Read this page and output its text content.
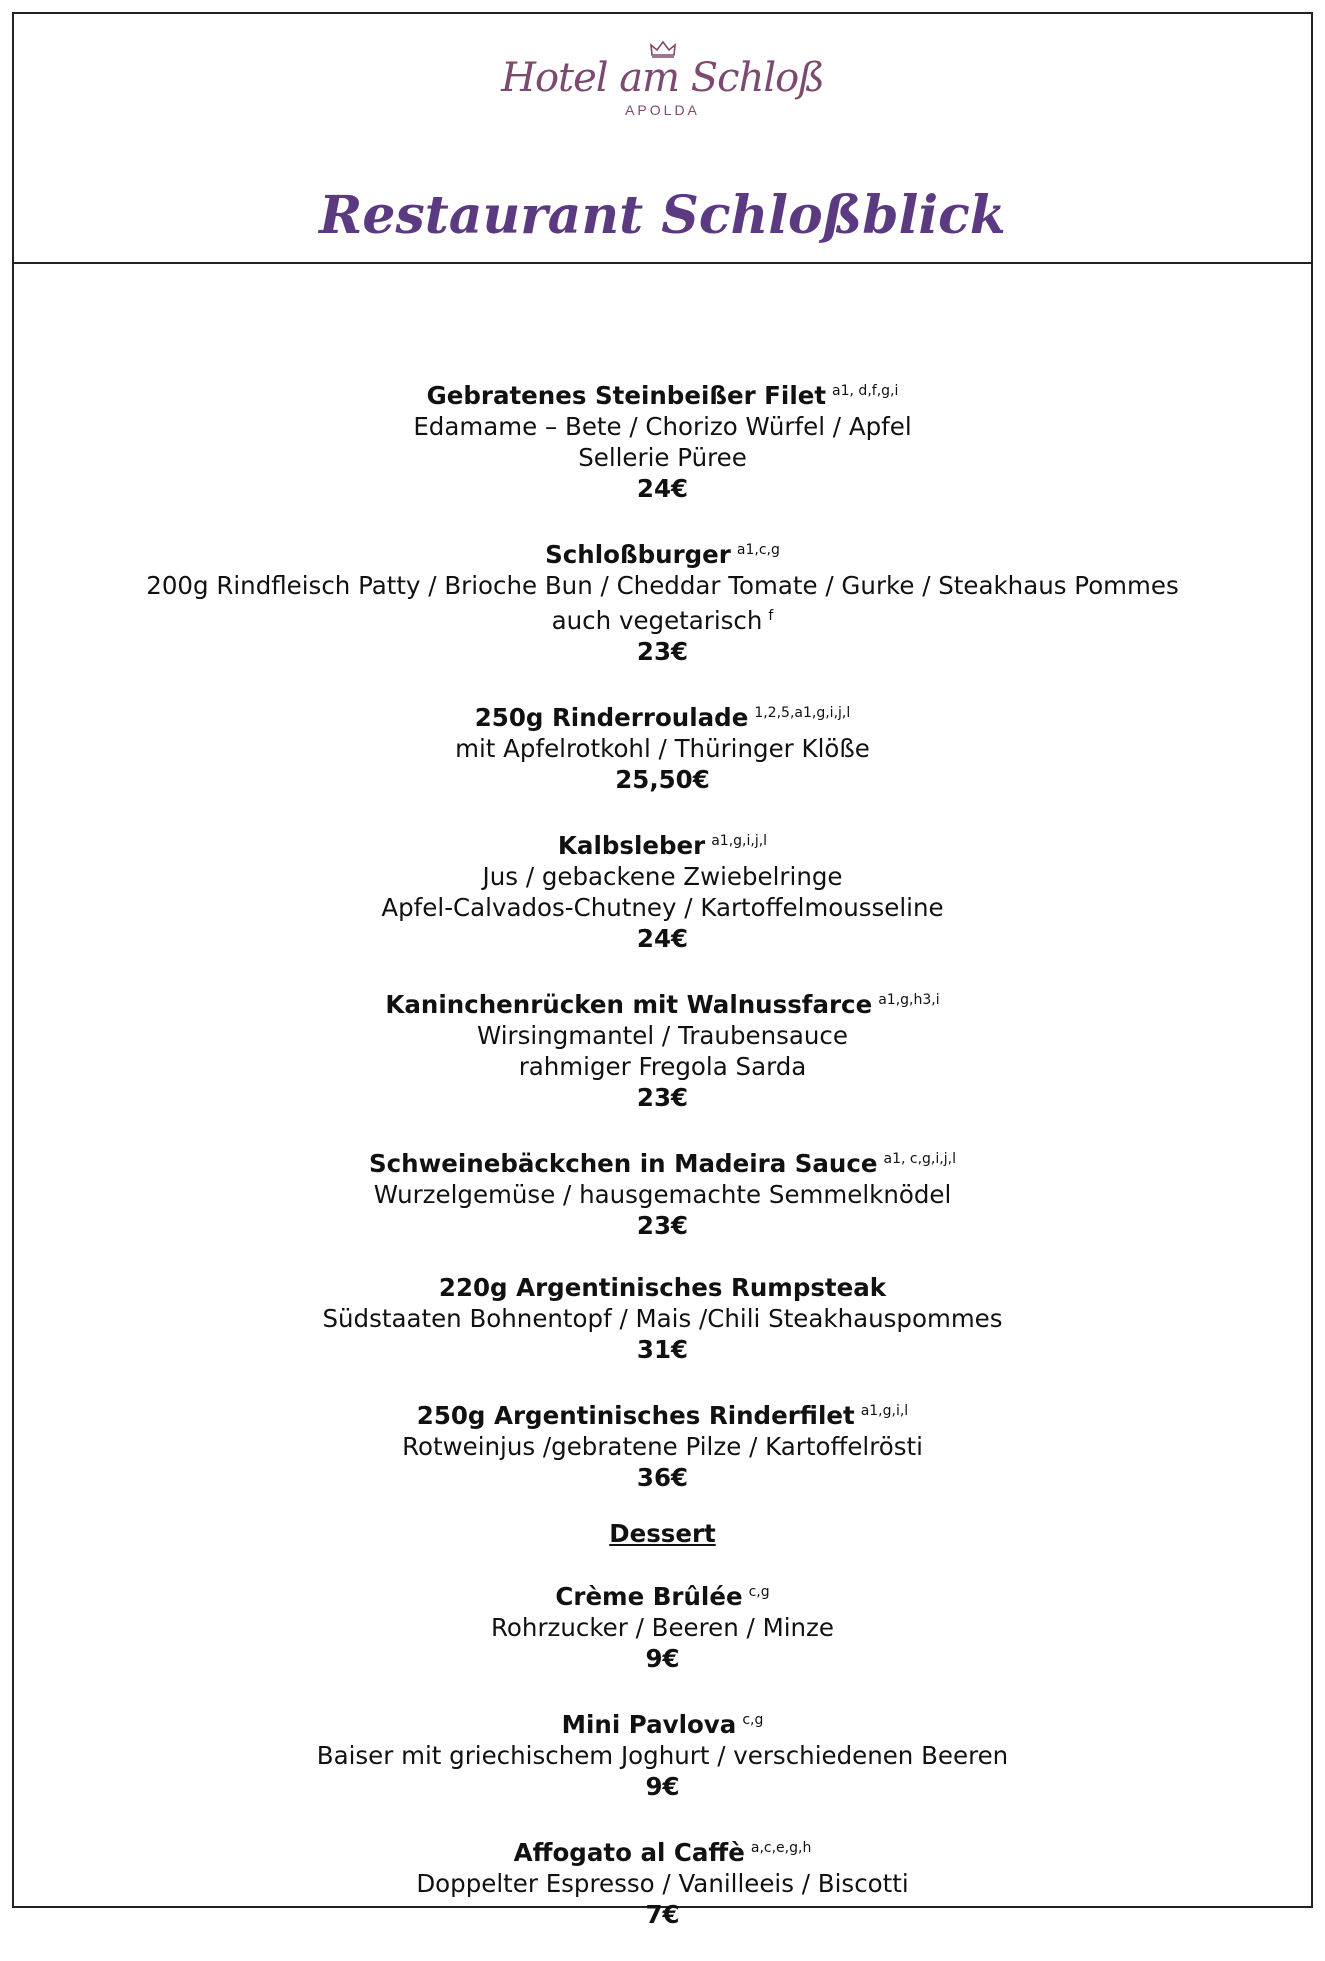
Hotel am Schloß
APOLDA
Restaurant Schloßblick
Gebratenes Steinbeißer Filet $^{a1, d,f,g,i}$
Edamame – Bete / Chorizo Würfel / Apfel
Sellerie Püree
24€
Schloßburger $^{a1,c,g}$
200g Rindfleisch Patty / Brioche Bun / Cheddar Tomate / Gurke / Steakhaus Pommes
auch vegetarisch $^f$
23€
250g Rinderroulade $^{1,2,5,a1,g,i,j,l}$
mit Apfelrotkohl / Thüringer Klöße
25,50€
Kalbsleber $^{a1,g,i,j,l}$
Jus / gebackene Zwiebelringe
Apfel-Calvados-Chutney / Kartoffelmousseline
24€
Kaninchenrücken mit Walnussfarce $^{a1,g,h3,i}$
Wirsingmantel / Traubensauce
rahmiger Fregola Sarda
23€
Schweinebäckchen in Madeira Sauce $^{a1, c,g,i,j,l}$
Wurzelgemüse / hausgemachte Semmelknödel
23€
220g Argentinisches Rumpsteak
Südstaaten Bohnentopf / Mais /Chili Steakhauspommes
31€
250g Argentinisches Rinderfilet $^{a1,g,i,l}$
Rotweinjus /gebratene Pilze / Kartoffelrösti
36€
Dessert
Crème Brûlée $^{c,g}$
Rohrzucker / Beeren / Minze
9€
Mini Pavlova $^{c,g}$
Baiser mit griechischem Joghurt / verschiedenen Beeren
9€
Affogato al Caffè $^{a,c,e,g,h}$
Doppelter Espresso / Vanilleeis / Biscotti
7€
